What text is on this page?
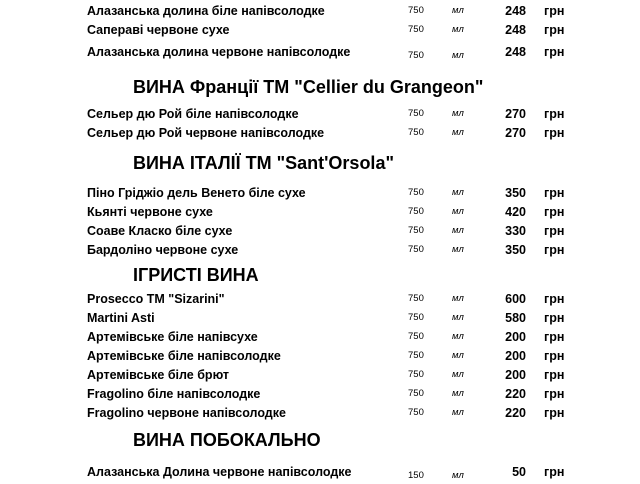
Алазанська долина біле напівсолодке	750	мл	248 грн
Сапераві червоне сухе	750	мл	248 грн
Алазанська долина червоне напівсолодке	750	мл	248 грн
ВИНА Франції ТМ "Cellier du Grangeon"
Сельер дю Рой біле напівсолодке	750	мл	270 грн
Сельер дю Рой червоне напівсолодке	750	мл	270 грн
ВИНА ІТАЛІЇ ТМ "Sant'Orsola"
Піно Гріджіо дель Венето біле сухе	750	мл	350 грн
Кьянті червоне сухе	750	мл	420 грн
Соаве Класко біле сухе	750	мл	330 грн
Бардоліно червоне сухе	750	мл	350 грн
ІГРИСТІ ВИНА
Prosecco ТМ "Sizarini"	750	мл	600 грн
Martini Asti	750	мл	580 грн
Артемівське біле напівсухе	750	мл	200 грн
Артемівське біле напівсолодке	750	мл	200 грн
Артемівське біле брют	750	мл	200 грн
Fragolino біле напівсолодке	750	мл	220 грн
Fragolino червоне напівсолодке	750	мл	220 грн
ВИНА ПОБОКАЛЬНО
Алазанська Долина червоне напівсолодке	150	мл	50 грн
